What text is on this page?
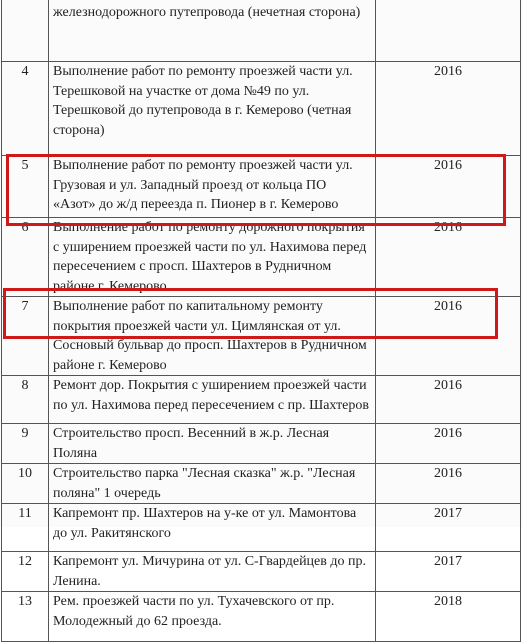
	железнодорожного путепровода (нечетная сторона)	
4	Выполнение работ по ремонту проезжей части ул. Терешковой на участке от дома №49 по ул. Терешковой до путепровода в г. Кемерово (четная сторона)	2016
5	Выполнение работ по ремонту проезжей части ул. Грузовая и ул. Западный проезд от кольца ПО «Азот» до ж/д переезда п. Пионер в г. Кемерово	2016
6	Выполнение работ по ремонту дорожного покрытия с уширением проезжей части по ул. Нахимова перед пересечением с просп. Шахтеров в Рудничном районе г. Кемерово	2016
7	Выполнение работ по капитальному ремонту покрытия проезжей части ул. Цимлянская от ул. Сосновый бульвар до просп. Шахтеров в Рудничном районе г. Кемерово	2016
8	Ремонт дор. Покрытия с уширением проезжей части по ул. Нахимова перед пересечением с пр. Шахтеров	2016
9	Строительство просп. Весенний в ж.р. Лесная Поляна	2016
10	Строительство парка "Лесная сказка" ж.р. "Лесная поляна" 1 очередь	2016
11	Капремонт пр. Шахтеров на у-ке от ул. Мамонтова до ул. Ракитянского	2017
12	Капремонт ул. Мичурина от ул. С-Гвардейцев до пр. Ленина.	2017
13	Рем. проезжей части по ул. Тухачевского от пр. Молодежный до 62 проезда.	2018
